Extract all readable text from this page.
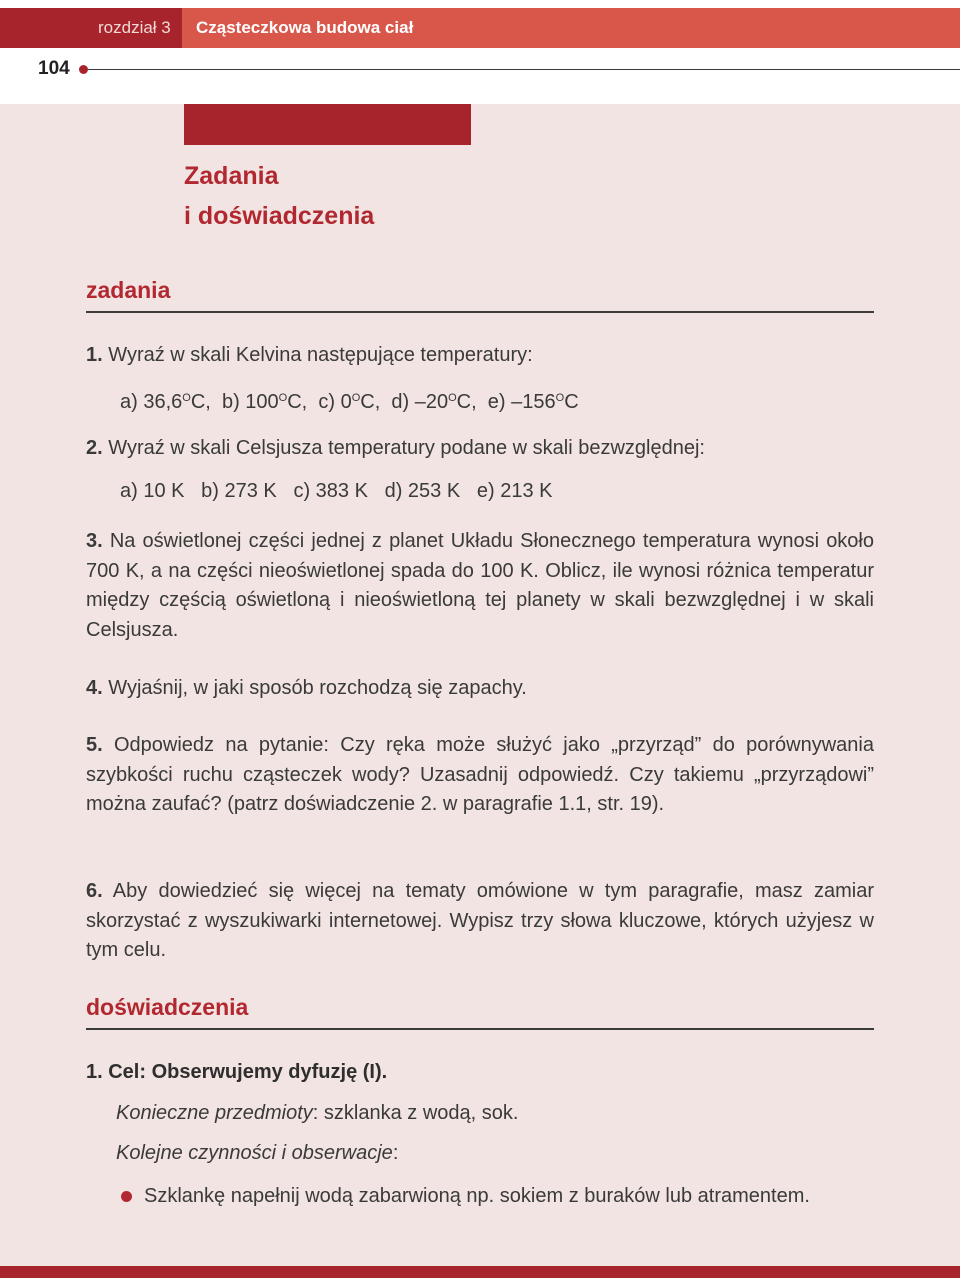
rozdział 3	Cząsteczkowa budowa ciał
104
Zadania
i doświadczenia
zadania
1. Wyraź w skali Kelvina następujące temperatury:
a) $36,6^OC$, b) $100^OC$, c) $0^OC$, d) $-20^OC$, e) $-156^OC$
2. Wyraź w skali Celsjusza temperatury podane w skali bezwzględnej:
a) 10 K b) 273 K c) 383 K d) 253 K e) 213 K
3. Na oświetlonej części jednej z planet Układu Słonecznego temperatura wynosi około 700 K, a na części nieoświetlonej spada do 100 K. Oblicz, ile wynosi różnica temperatur między częścią oświetloną i nieoświetloną tej planety w skali bezwzględnej i w skali Celsjusza.
4. Wyjaśnij, w jaki sposób rozchodzą się zapachy.
5. Odpowiedz na pytanie: Czy ręka może służyć jako „przyrząd” do porównywania szybkości ruchu cząsteczek wody? Uzasadnij odpowiedź. Czy takiemu „przyrządowi” można zaufać? (patrz doświadczenie 2. w paragrafie 1.1, str. 19).
6. Aby dowiedzieć się więcej na tematy omówione w tym paragrafie, masz zamiar skorzystać z wyszukiwarki internetowej. Wypisz trzy słowa kluczowe, których użyjesz w tym celu.
doświadczenia
1. Cel: Obserwujemy dyfuzję (I).
Konieczne przedmioty: szklanka z wodą, sok.
Kolejne czynności i obserwacje:
Szklankę napełnij wodą zabarwioną np. sokiem z buraków lub atramentem.
